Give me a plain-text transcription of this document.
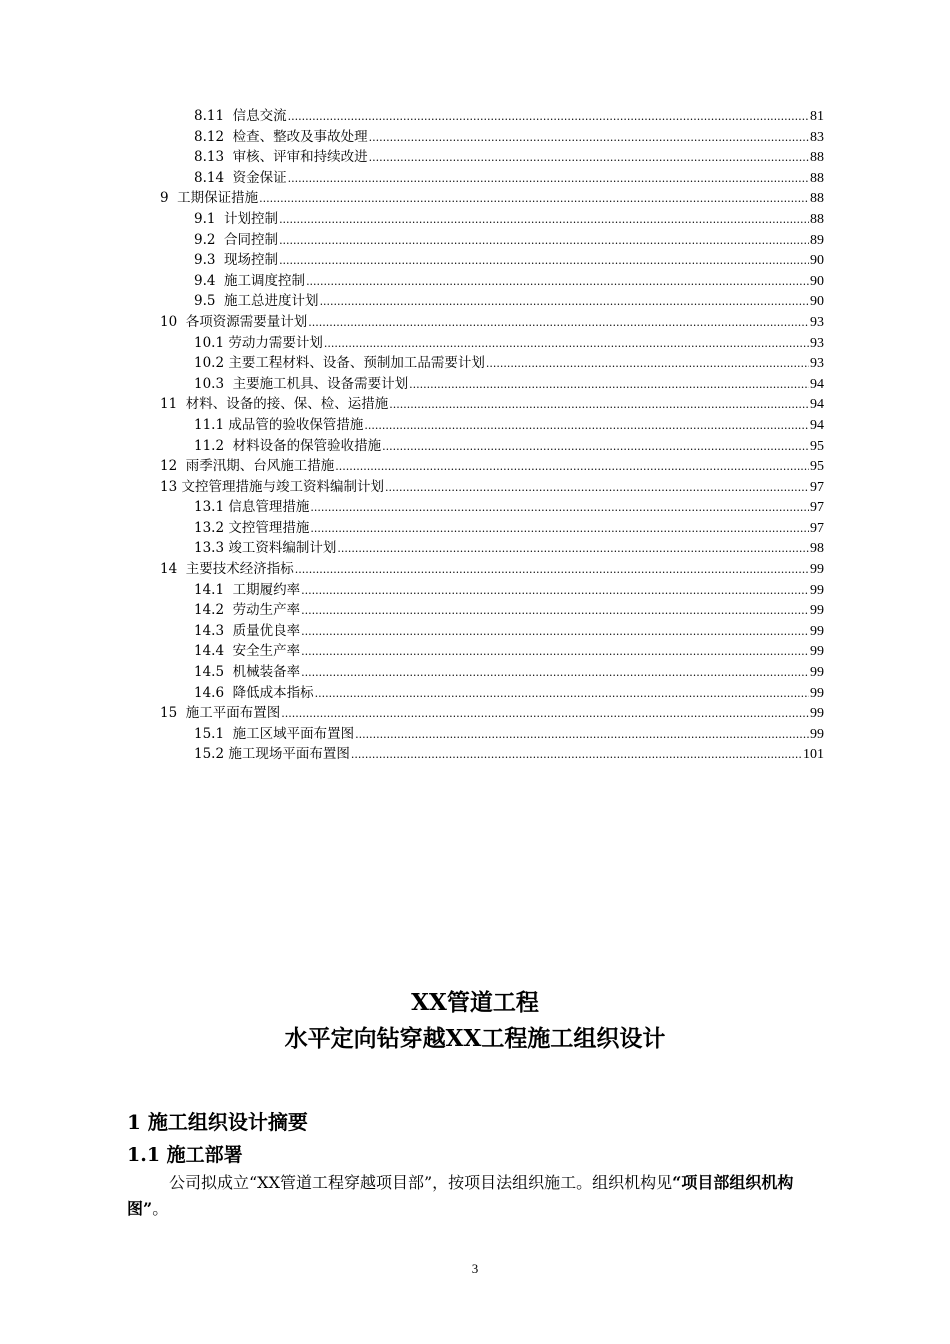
8.11  信息交流 .....	81
8.12  检查、整改及事故处理 .....	83
8.13  审核、评审和持续改进 .....	88
8.14  资金保证 .....	88
9  工期保证措施 .....	88
9.1  计划控制 .....	88
9.2  合同控制 .....	89
9.3  现场控制 .....	90
9.4  施工调度控制 .....	90
9.5  施工总进度计划 .....	90
10  各项资源需要量计划 .....	93
10.1 劳动力需要计划 .....	93
10.2 主要工程材料、设备、预制加工品需要计划 .....	93
10.3  主要施工机具、设备需要计划 .....	94
11  材料、设备的接、保、检、运措施 .....	94
11.1 成品管的验收保管措施 .....	94
11.2  材料设备的保管验收措施 .....	95
12  雨季汛期、台风施工措施 .....	95
13 文控管理措施与竣工资料编制计划 .....	97
13.1 信息管理措施 .....	97
13.2 文控管理措施 .....	97
13.3 竣工资料编制计划 .....	98
14  主要技术经济指标 .....	99
14.1  工期履约率 .....	99
14.2  劳动生产率 .....	99
14.3  质量优良率 .....	99
14.4  安全生产率 .....	99
14.5  机械装备率 .....	99
14.6  降低成本指标 .....	99
15  施工平面布置图 .....	99
15.1  施工区域平面布置图 .....	99
15.2 施工现场平面布置图 .....	101
XX管道工程
水平定向钻穿越XX工程施工组织设计
1 施工组织设计摘要
1.1 施工部署
公司拟成立“XX管道工程穿越项目部”，按项目法组织施工。组织机构见“项目部组织机构图”。
3
